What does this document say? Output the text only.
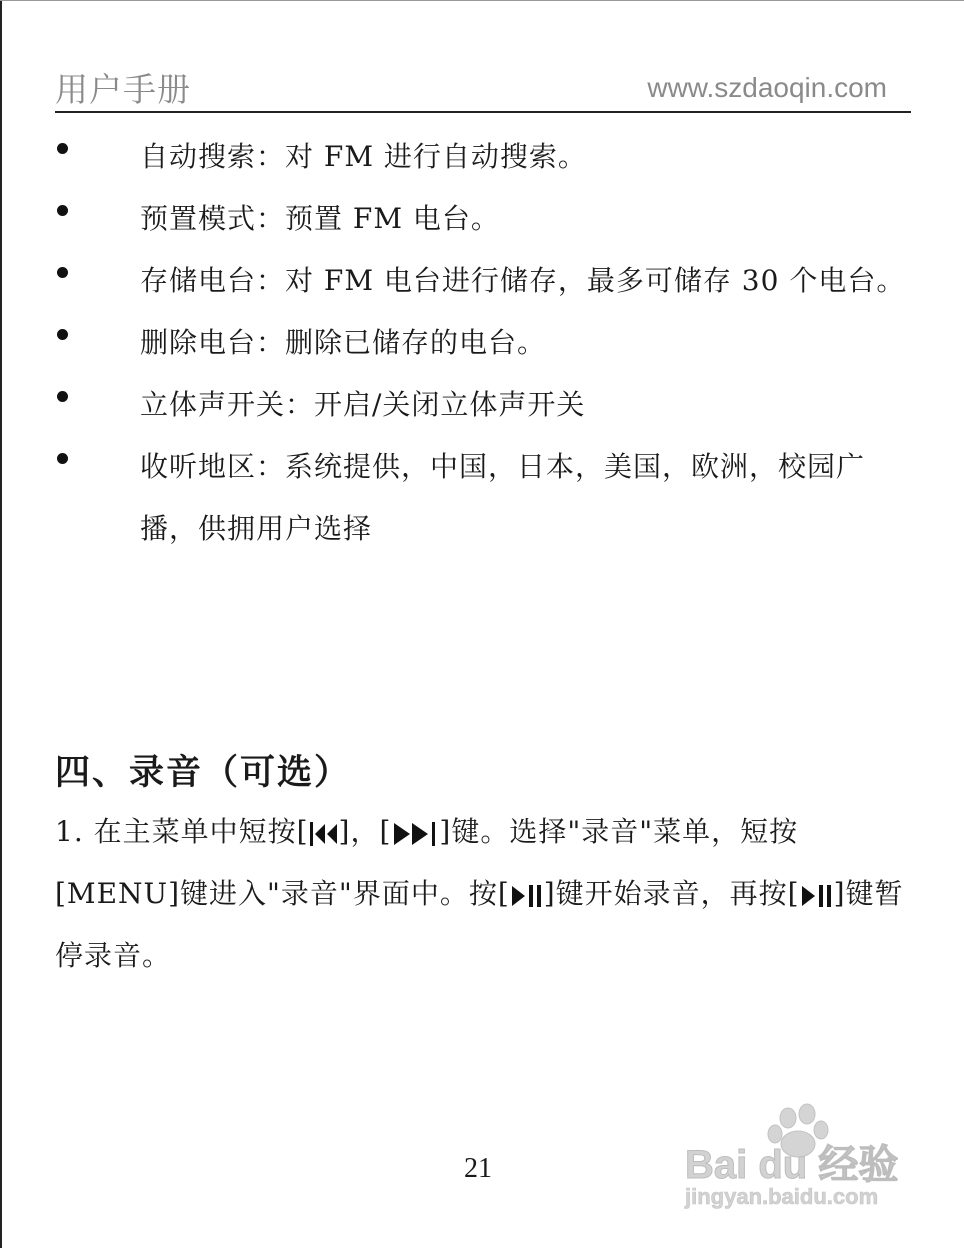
用户手册	www.szdaoqin.com
自动搜索：对 FM 进行自动搜索。
预置模式：预置 FM 电台。
存储电台：对 FM 电台进行储存，最多可储存 30 个电台。
删除电台：删除已储存的电台。
立体声开关：开启/关闭立体声开关
收听地区：系统提供，中国，日本，美国，欧洲，校园广播，供拥用户选择
四、录音（可选）
1. 在主菜单中短按[ ]，[ ]键。选择"录音"菜单，短按[MENU]键进入"录音"界面中。按[ ]键开始录音，再按[ ]键暂停录音。
21	Bai du 经验
jingyan.baidu.com
